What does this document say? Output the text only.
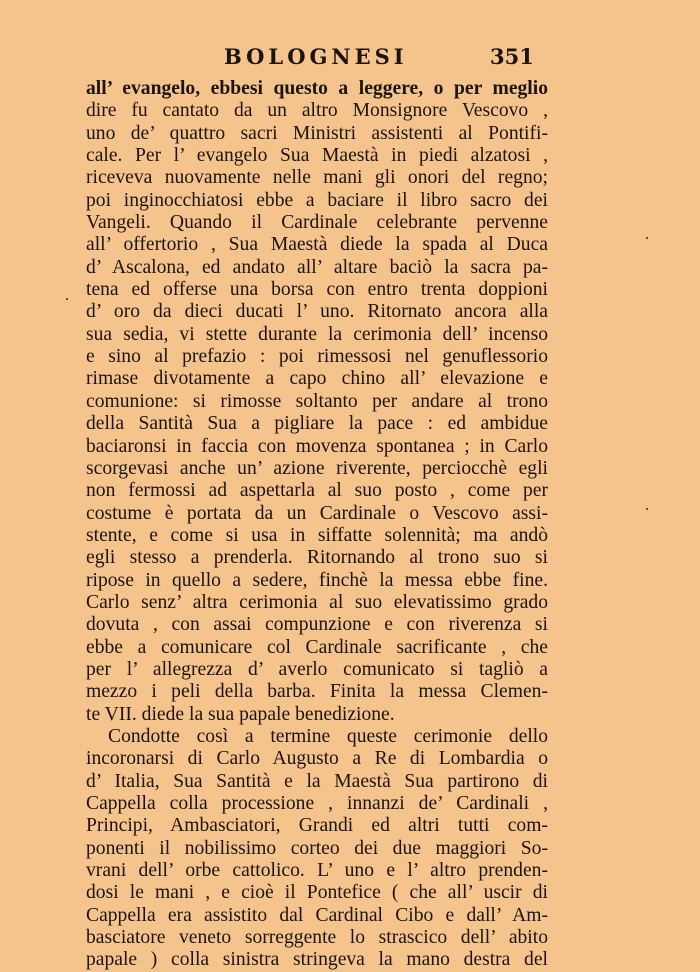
BOLOGNESI	351
all’ evangelo, ebbesi questo a leggere, o per meglio
dire fu cantato da un altro Monsignore Vescovo ,
uno de’ quattro sacri Ministri assistenti al Pontifi-
cale. Per l’ evangelo Sua Maestà in piedi alzatosi ,
riceveva nuovamente nelle mani gli onori del regno;
poi inginocchiatosi ebbe a baciare il libro sacro dei
Vangeli. Quando il Cardinale celebrante pervenne
all’ offertorio , Sua Maestà diede la spada al Duca
d’ Ascalona, ed andato all’ altare baciò la sacra pa-
tena ed offerse una borsa con entro trenta doppioni
d’ oro da dieci ducati l’ uno. Ritornato ancora alla
sua sedia, vi stette durante la cerimonia dell’ incenso
e sino al prefazio : poi rimessosi nel genuflessorio
rimase divotamente a capo chino all’ elevazione e
comunione: si rimosse soltanto per andare al trono
della Santità Sua a pigliare la pace : ed ambidue
baciaronsi in faccia con movenza spontanea ; in Carlo
scorgevasi anche un’ azione riverente, perciocchè egli
non fermossi ad aspettarla al suo posto , come per
costume è portata da un Cardinale o Vescovo assi-
stente, e come si usa in siffatte solennità; ma andò
egli stesso a prenderla. Ritornando al trono suo si
ripose in quello a sedere, finchè la messa ebbe fine.
Carlo senz’ altra cerimonia al suo elevatissimo grado
dovuta , con assai compunzione e con riverenza si
ebbe a comunicare col Cardinale sacrificante , che
per l’ allegrezza d’ averlo comunicato si tagliò a
mezzo i peli della barba. Finita la messa Clemen-
te VII. diede la sua papale benedizione.
Condotte così a termine queste cerimonie dello
incoronarsi di Carlo Augusto a Re di Lombardia o
d’ Italia, Sua Santità e la Maestà Sua partirono di
Cappella colla processione , innanzi de’ Cardinali ,
Principi, Ambasciatori, Grandi ed altri tutti com-
ponenti il nobilissimo corteo dei due maggiori So-
vrani dell’ orbe cattolico. L’ uno e l’ altro prenden-
dosi le mani , e cioè il Pontefice ( che all’ uscir di
Cappella era assistito dal Cardinal Cibo e dall’ Am-
basciatore veneto sorreggente lo strascico dell’ abito
papale ) colla sinistra stringeva la mano destra del
